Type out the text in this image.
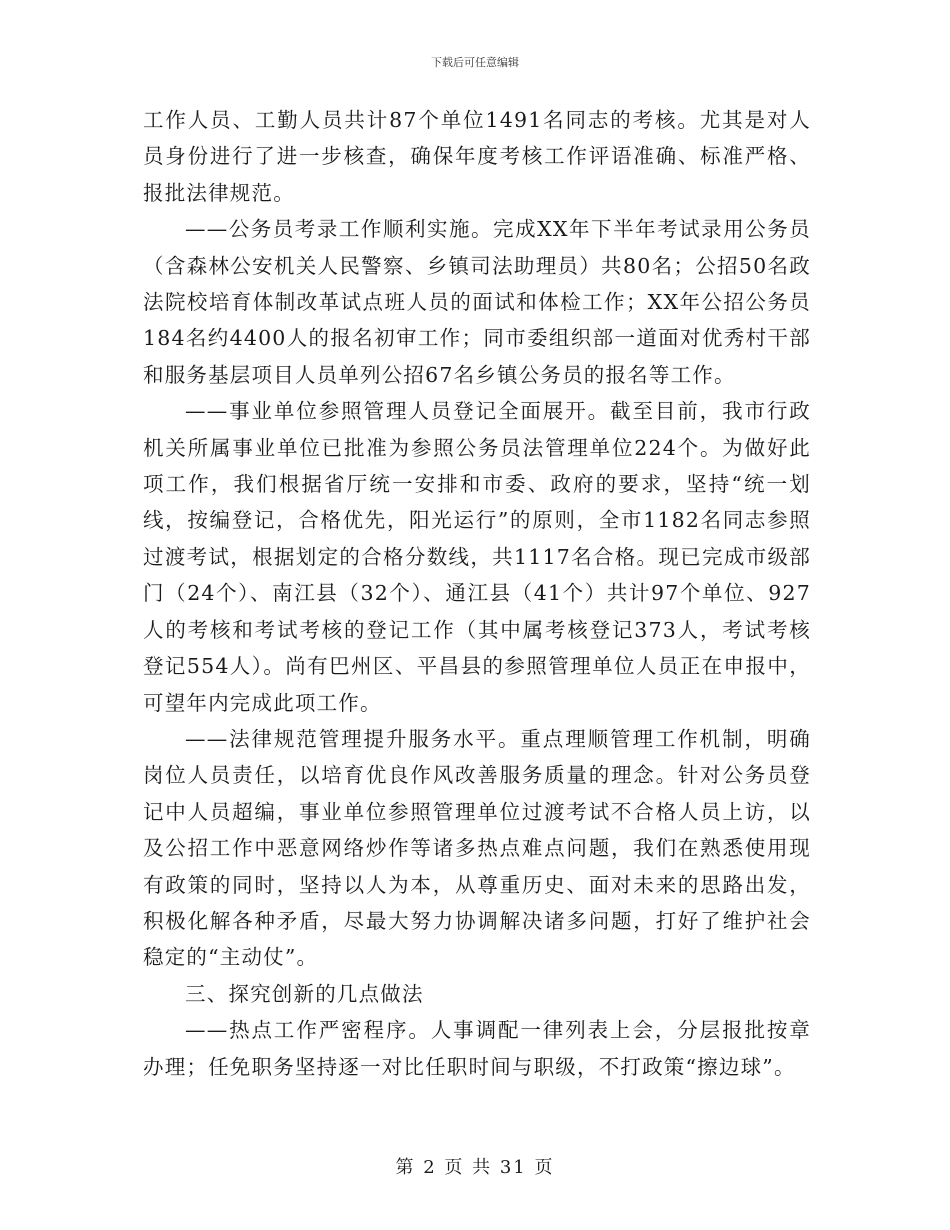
下载后可任意编辑

工作人员、工勤人员共计87个单位1491名同志的考核。尤其是对人员身份进行了进一步核查，确保年度考核工作评语准确、标准严格、报批法律规范。

——公务员考录工作顺利实施。完成XX年下半年考试录用公务员（含森林公安机关人民警察、乡镇司法助理员）共80名；公招50名政法院校培育体制改革试点班人员的面试和体检工作；XX年公招公务员184名约4400人的报名初审工作；同市委组织部一道面对优秀村干部和服务基层项目人员单列公招67名乡镇公务员的报名等工作。

——事业单位参照管理人员登记全面展开。截至目前，我市行政机关所属事业单位已批准为参照公务员法管理单位224个。为做好此项工作，我们根据省厅统一安排和市委、政府的要求，坚持“统一划线，按编登记，合格优先，阳光运行”的原则，全市1182名同志参照过渡考试，根据划定的合格分数线，共1117名合格。现已完成市级部门（24个）、南江县（32个）、通江县（41个）共计97个单位、927人的考核和考试考核的登记工作（其中属考核登记373人，考试考核登记554人）。尚有巴州区、平昌县的参照管理单位人员正在申报中，可望年内完成此项工作。

——法律规范管理提升服务水平。重点理顺管理工作机制，明确岗位人员责任，以培育优良作风改善服务质量的理念。针对公务员登记中人员超编，事业单位参照管理单位过渡考试不合格人员上访，以及公招工作中恶意网络炒作等诸多热点难点问题，我们在熟悉使用现有政策的同时，坚持以人为本，从尊重历史、面对未来的思路出发，积极化解各种矛盾，尽最大努力协调解决诸多问题，打好了维护社会稳定的“主动仗”。

三、探究创新的几点做法

——热点工作严密程序。人事调配一律列表上会，分层报批按章办理；任免职务坚持逐一对比任职时间与职级，不打政策“擦边球”。

第 2 页 共 31 页
